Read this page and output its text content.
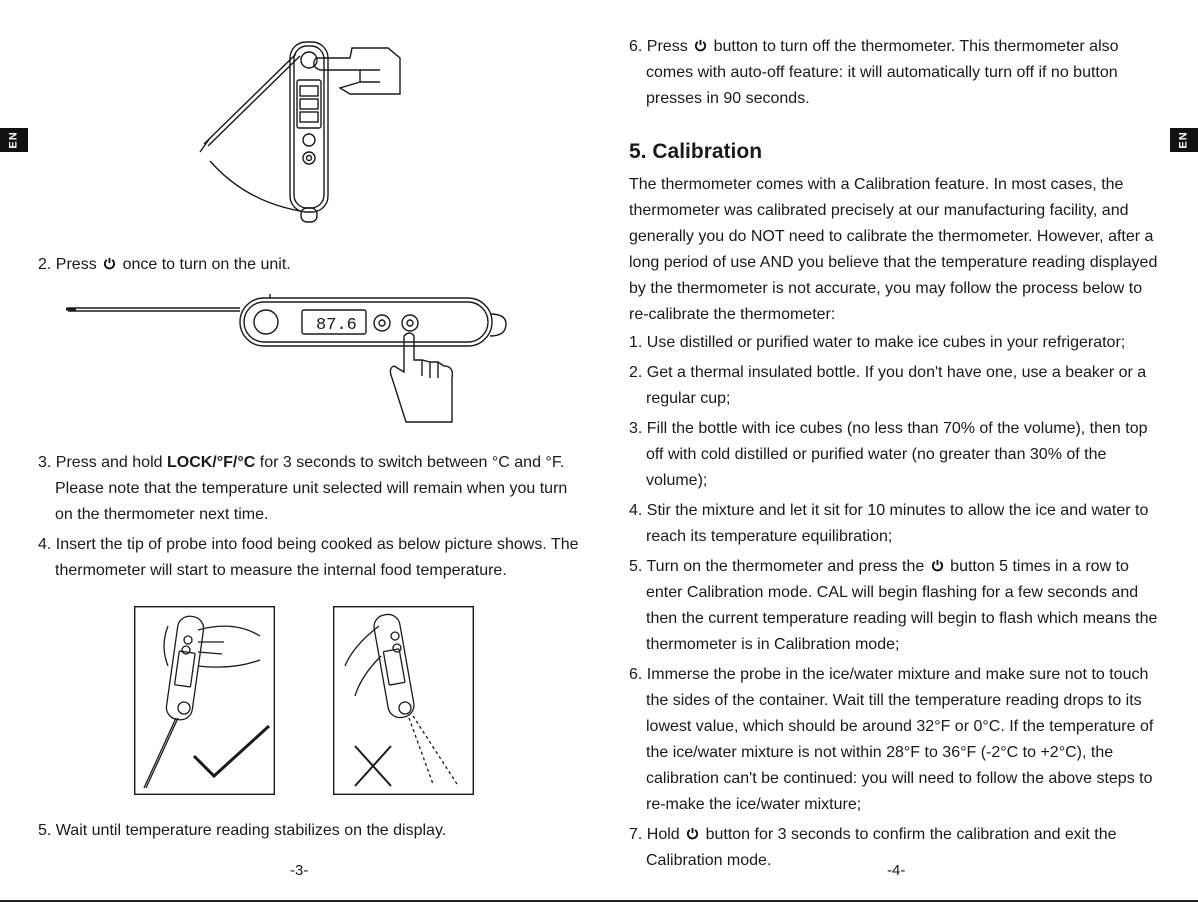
EN
2. Press  once to turn on the unit.
87.6
3. Press and hold LOCK/°F/°C for 3 seconds to switch between °C and °F. Please note that the temperature unit selected will remain when you turn on the thermometer next time.
4. Insert the tip of probe into food being cooked as below picture shows. The thermometer will start to measure the internal food temperature.
5. Wait until temperature reading stabilizes on the display.
-3-
EN
6. Press  button to turn off the thermometer. This thermometer also comes with auto-off feature: it will automatically turn off if no button presses in 90 seconds.
5. Calibration
The thermometer comes with a Calibration feature. In most cases, the thermometer was calibrated precisely at our manufacturing facility, and generally you do NOT need to calibrate the thermometer. However, after a long period of use AND you believe that the temperature reading displayed by the thermometer is not accurate, you may follow the process below to re-calibrate the thermometer:
1. Use distilled or purified water to make ice cubes in your refrigerator;
2. Get a thermal insulated bottle. If you don't have one, use a beaker or a regular cup;
3. Fill the bottle with ice cubes (no less than 70% of the volume), then top off with cold distilled or purified water (no greater than 30% of the volume);
4. Stir the mixture and let it sit for 10 minutes to allow the ice and water to reach its temperature equilibration;
5. Turn on the thermometer and press the  button 5 times in a row to enter Calibration mode. CAL will begin flashing for a few seconds and then the current temperature reading will begin to flash which means the thermometer is in Calibration mode;
6. Immerse the probe in the ice/water mixture and make sure not to touch the sides of the container. Wait till the temperature reading drops to its lowest value, which should be around 32°F or 0°C. If the temperature of the ice/water mixture is not within 28°F to 36°F (-2°C to +2°C), the calibration can't be continued: you will need to follow the above steps to re-make the ice/water mixture;
7. Hold  button for 3 seconds to confirm the calibration and exit the Calibration mode.
-4-
